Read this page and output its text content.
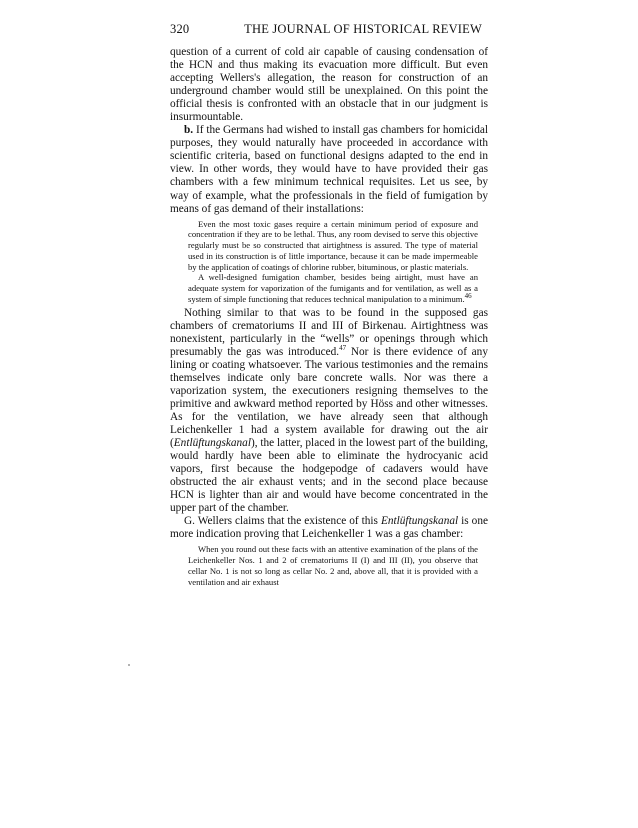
320	THE JOURNAL OF HISTORICAL REVIEW

question of a current of cold air capable of causing condensation of the HCN and thus making its evacuation more difficult. But even accepting Wellers's allegation, the reason for construction of an underground chamber would still be unexplained. On this point the official thesis is confronted with an obstacle that in our judgment is insurmountable.

b. If the Germans had wished to install gas chambers for homicidal purposes, they would naturally have proceeded in accordance with scientific criteria, based on functional designs adapted to the end in view. In other words, they would have to have provided their gas chambers with a few minimum technical requisites. Let us see, by way of example, what the professionals in the field of fumigation by means of gas demand of their installations:

Even the most toxic gases require a certain minimum period of exposure and concentration if they are to be lethal. Thus, any room devised to serve this objective regularly must be so constructed that airtightness is assured. The type of material used in its construction is of little importance, because it can be made impermeable by the application of coatings of chlorine rubber, bituminous, or plastic materials.

A well-designed fumigation chamber, besides being airtight, must have an adequate system for vaporization of the fumigants and for ventilation, as well as a system of simple functioning that reduces technical manipulation to a minimum.$^{46}$

Nothing similar to that was to be found in the supposed gas chambers of crematoriums II and III of Birkenau. Airtightness was nonexistent, particularly in the “wells” or openings through which presumably the gas was introduced.$^{47}$ Nor is there evidence of any lining or coating whatsoever. The various testimonies and the remains themselves indicate only bare concrete walls. Nor was there a vaporization system, the executioners resigning themselves to the primitive and awkward method reported by Höss and other witnesses. As for the ventilation, we have already seen that although Leichenkeller 1 had a system available for drawing out the air (Entlüftungskanal), the latter, placed in the lowest part of the building, would hardly have been able to eliminate the hydrocyanic acid vapors, first because the hodgepodge of cadavers would have obstructed the air exhaust vents; and in the second place because HCN is lighter than air and would have become concentrated in the upper part of the chamber.

G. Wellers claims that the existence of this Entlüftungskanal is one more indication proving that Leichenkeller 1 was a gas chamber:

When you round out these facts with an attentive examination of the plans of the Leichenkeller Nos. 1 and 2 of crematoriums II (I) and III (II), you observe that cellar No. 1 is not so long as cellar No. 2 and, above all, that it is provided with a ventilation and air exhaust
